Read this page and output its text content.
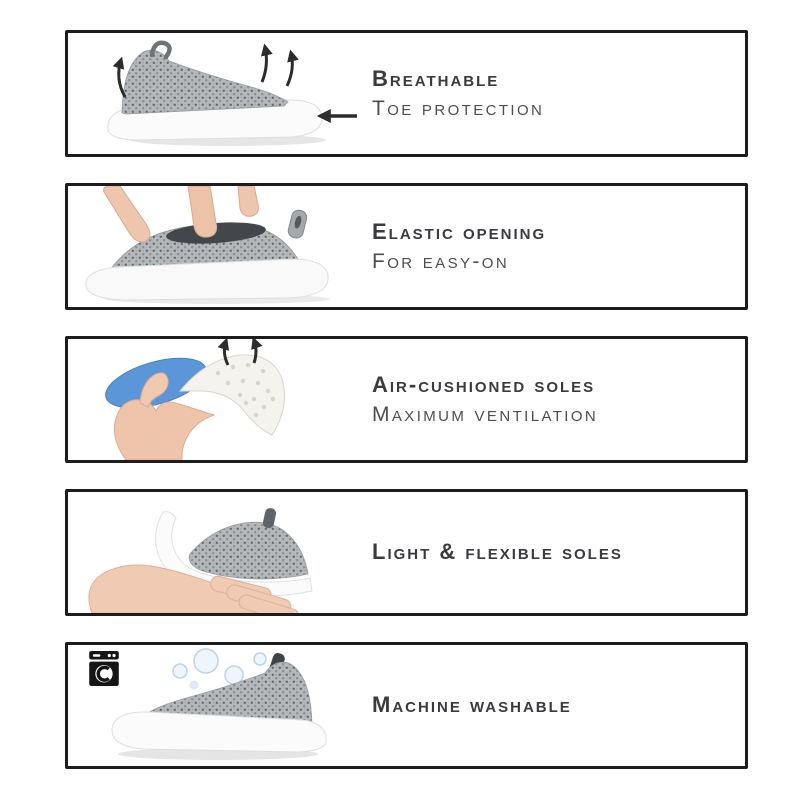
Breathable
Toe protection
Elastic opening
For easy-on
Air-cushioned soles
Maximum ventilation
Light & flexible soles
Machine washable
